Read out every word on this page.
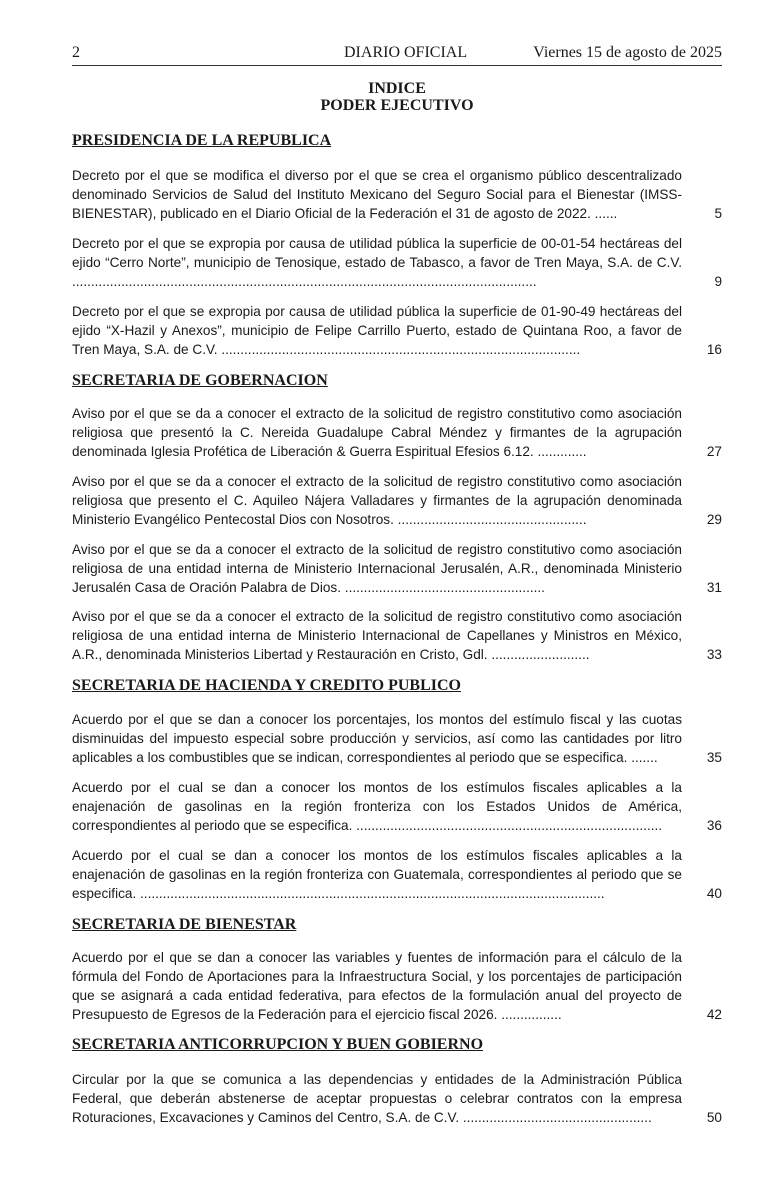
2	DIARIO OFICIAL	Viernes 15 de agosto de 2025
INDICE
PODER EJECUTIVO
PRESIDENCIA DE LA REPUBLICA
Decreto por el que se modifica el diverso por el que se crea el organismo público descentralizado denominado Servicios de Salud del Instituto Mexicano del Seguro Social para el Bienestar (IMSS-BIENESTAR), publicado en el Diario Oficial de la Federación el 31 de agosto de 2022. ......	5
Decreto por el que se expropia por causa de utilidad pública la superficie de 00-01-54 hectáreas del ejido “Cerro Norte”, municipio de Tenosique, estado de Tabasco, a favor de Tren Maya, S.A. de C.V. ...........................................................................................................................	9
Decreto por el que se expropia por causa de utilidad pública la superficie de 01-90-49 hectáreas del ejido “X-Hazil y Anexos”, municipio de Felipe Carrillo Puerto, estado de Quintana Roo, a favor de Tren Maya, S.A. de C.V. ...............................................................................................	16
SECRETARIA DE GOBERNACION
Aviso por el que se da a conocer el extracto de la solicitud de registro constitutivo como asociación religiosa que presentó la C. Nereida Guadalupe Cabral Méndez y firmantes de la agrupación denominada Iglesia Profética de Liberación & Guerra Espiritual Efesios 6.12. .............	27
Aviso por el que se da a conocer el extracto de la solicitud de registro constitutivo como asociación religiosa que presento el C. Aquileo Nájera Valladares y firmantes de la agrupación denominada Ministerio Evangélico Pentecostal Dios con Nosotros. ..................................................	29
Aviso por el que se da a conocer el extracto de la solicitud de registro constitutivo como asociación religiosa de una entidad interna de Ministerio Internacional Jerusalén, A.R., denominada Ministerio Jerusalén Casa de Oración Palabra de Dios. .....................................................	31
Aviso por el que se da a conocer el extracto de la solicitud de registro constitutivo como asociación religiosa de una entidad interna de Ministerio Internacional de Capellanes y Ministros en México, A.R., denominada Ministerios Libertad y Restauración en Cristo, Gdl. ..........................	33
SECRETARIA DE HACIENDA Y CREDITO PUBLICO
Acuerdo por el que se dan a conocer los porcentajes, los montos del estímulo fiscal y las cuotas disminuidas del impuesto especial sobre producción y servicios, así como las cantidades por litro aplicables a los combustibles que se indican, correspondientes al periodo que se especifica. .......	35
Acuerdo por el cual se dan a conocer los montos de los estímulos fiscales aplicables a la enajenación de gasolinas en la región fronteriza con los Estados Unidos de América, correspondientes al periodo que se especifica. .................................................................................	36
Acuerdo por el cual se dan a conocer los montos de los estímulos fiscales aplicables a la enajenación de gasolinas en la región fronteriza con Guatemala, correspondientes al periodo que se especifica. ...........................................................................................................................	40
SECRETARIA DE BIENESTAR
Acuerdo por el que se dan a conocer las variables y fuentes de información para el cálculo de la fórmula del Fondo de Aportaciones para la Infraestructura Social, y los porcentajes de participación que se asignará a cada entidad federativa, para efectos de la formulación anual del proyecto de Presupuesto de Egresos de la Federación para el ejercicio fiscal 2026. ................	42
SECRETARIA ANTICORRUPCION Y BUEN GOBIERNO
Circular por la que se comunica a las dependencias y entidades de la Administración Pública Federal, que deberán abstenerse de aceptar propuestas o celebrar contratos con la empresa Roturaciones, Excavaciones y Caminos del Centro, S.A. de C.V. ..................................................	50
